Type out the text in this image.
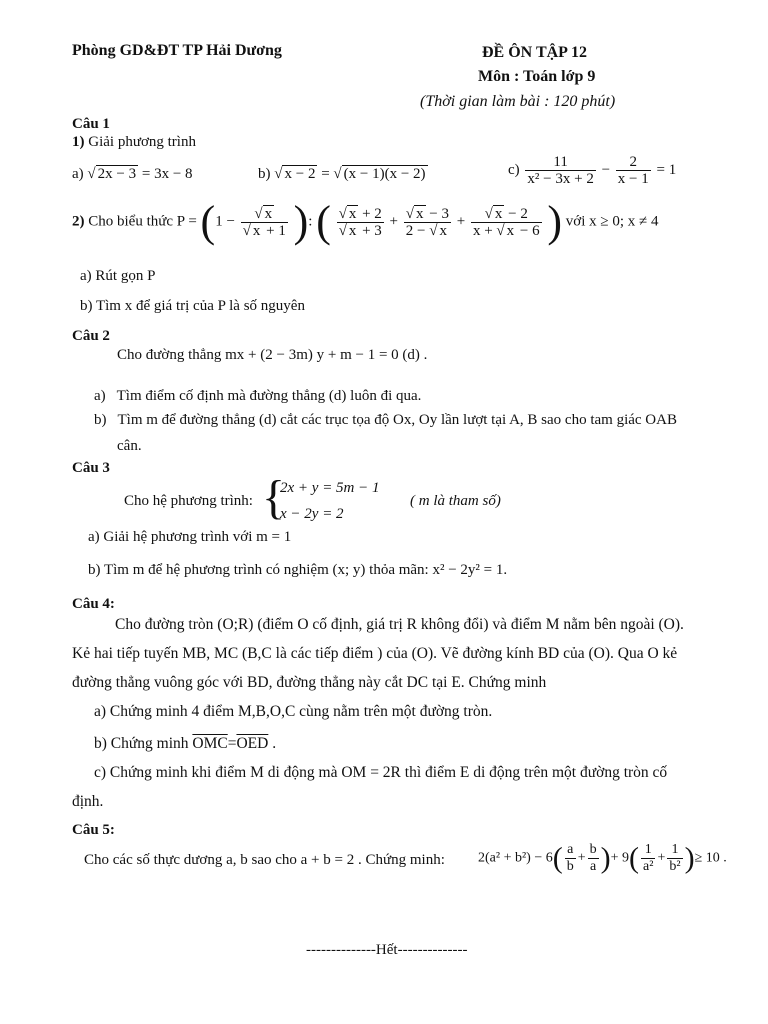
Phòng GD&ĐT TP Hải Dương	ĐỀ ÔN TẬP 12
Môn : Toán lớp 9
(Thời gian làm bài : 120 phút)
Câu 1
1) Giải phương trình
a) √ 2x − 3 = 3x − 8	b) √ x − 2 = √ (x − 1)(x − 2)	$c) \frac{11}{\text{x² − 3x + 2}} - \frac{2}{x - 1} = 1$
2) Cho biểu thức $P = (1 - \frac{√ x}{√ x + 1}$ ): ( $\frac{√ x + 2}{√ x + 3} + \frac{√ x - 3}{2 - √ x} + \frac{√ x - 2}{x + √ x - 6}$ ) với x ≥ 0; x ≠ 4
a) Rút gọn P
b) Tìm x để giá trị của P là số nguyên
Câu 2
Cho đường thẳng mx + (2 − 3m) y + m − 1 = 0 (d) .
a) Tìm điểm cố định mà đường thẳng (d) luôn đi qua.
b) Tìm m để đường thẳng (d) cắt các trục tọa độ Ox, Oy lần lượt tại A, B sao cho tam giác OAB
cân.
Câu 3
Cho hệ phương trình: {
2x + y = 5m − 1
x − 2y = 2
( m là tham số)
a) Giải hệ phương trình với m = 1
b) Tìm m để hệ phương trình có nghiệm (x; y) thỏa mãn: x² − 2y² = 1.
Câu 4:
Cho đường tròn (O;R) (điểm O cố định, giá trị R không đổi) và điểm M nằm bên ngoài (O).
Kẻ hai tiếp tuyến MB, MC (B,C là các tiếp điểm ) của (O). Vẽ đường kính BD của (O). Qua O kẻ
đường thẳng vuông góc với BD, đường thẳng này cắt DC tại E. Chứng minh
a) Chứng minh 4 điểm M,B,O,C cùng nằm trên một đường tròn.
b) Chứng minh $\overline{OMC}=\overline{OED}$ .
c) Chứng minh khi điểm M di động mà OM = 2R thì điểm E di động trên một đường tròn cố
định.
Câu 5:
Cho các số thực dương a, b sao cho a + b = 2 . Chứng minh: $2(a^2 + b^2) - 6( \frac{a}{b} + \frac{b}{a}$ )+ $9( \frac{1}{\text{a²}} + \frac{1}{\text{b²}}$ )≥ 10 .
--------------Hết--------------
